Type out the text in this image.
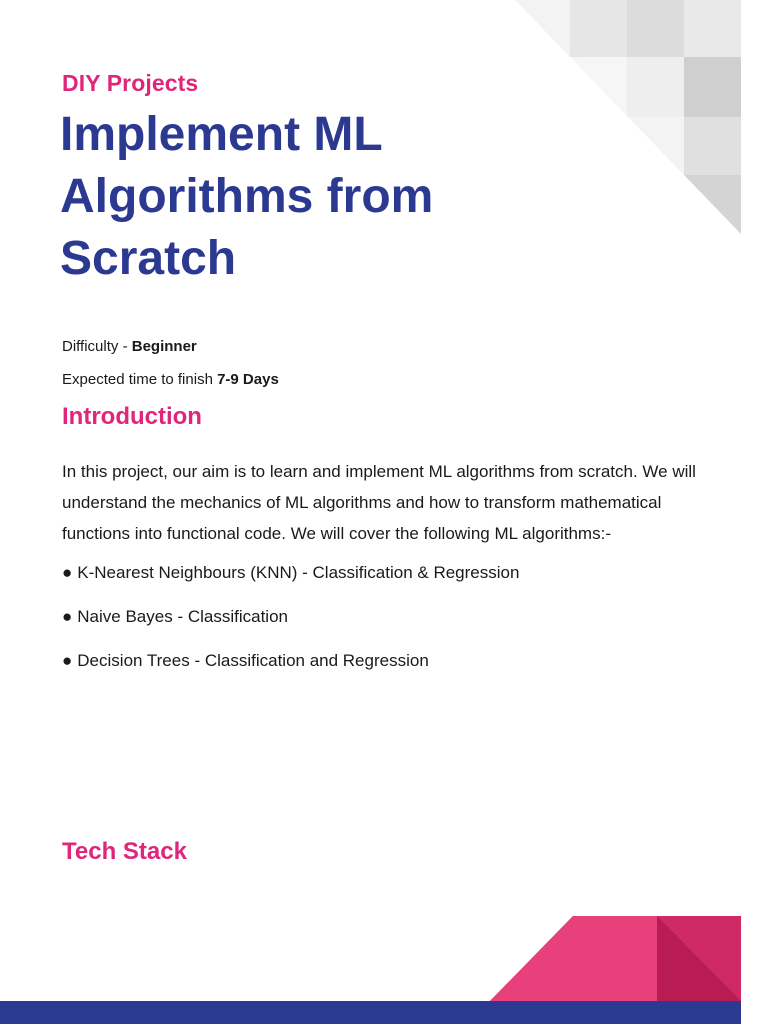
DIY Projects
Implement ML Algorithms from Scratch
Difficulty - Beginner
Expected time to finish 7-9 Days
Introduction
In this project, our aim is to learn and implement ML algorithms from scratch. We will understand the mechanics of ML algorithms and how to transform mathematical functions into functional code. We will cover the following ML algorithms:-
● K-Nearest Neighbours (KNN) - Classification & Regression
● Naive Bayes - Classification
● Decision Trees - Classification and Regression
Tech Stack
